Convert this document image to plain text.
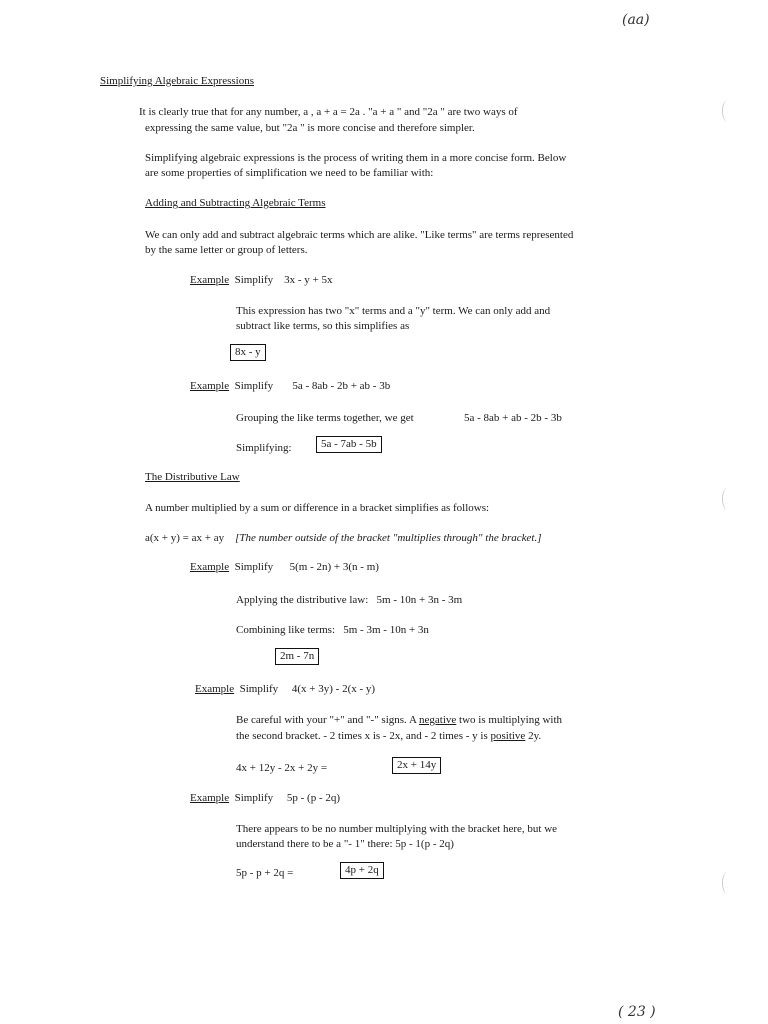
(aa)
( 23 )
Simplifying Algebraic Expressions
It is clearly true that for any number, a , a + a = 2a . "a + a " and "2a " are two ways of
expressing the same value, but "2a " is more concise and therefore simpler.
Simplifying algebraic expressions is the process of writing them in a more concise form. Below
are some properties of simplification we need to be familiar with:
Adding and Subtracting Algebraic Terms
We can only add and subtract algebraic terms which are alike. "Like terms" are terms represented
by the same letter or group of letters.
Example Simplify 3x - y + 5x
This expression has two "x" terms and a "y" term. We can only add and
subtract like terms, so this simplifies as
8x - y
Example Simplify 5a - 8ab - 2b + ab - 3b
Grouping the like terms together, we get	5a - 8ab + ab - 2b - 3b
Simplifying:	5a - 7ab - 5b
The Distributive Law
A number multiplied by a sum or difference in a bracket simplifies as follows:
a(x + y) = ax + ay [The number outside of the bracket "multiplies through" the bracket.]
Example Simplify 5(m - 2n) + 3(n - m)
Applying the distributive law: 5m - 10n + 3n - 3m
Combining like terms: 5m - 3m - 10n + 3n
2m - 7n
Example Simplify 4(x + 3y) - 2(x - y)
Be careful with your "+" and "-" signs. A negative two is multiplying with
the second bracket. - 2 times x is - 2x, and - 2 times - y is positive 2y.
4x + 12y - 2x + 2y =	2x + 14y
Example Simplify 5p - (p - 2q)
There appears to be no number multiplying with the bracket here, but we
understand there to be a "- 1" there: 5p - 1(p - 2q)
5p - p + 2q =	4p + 2q
